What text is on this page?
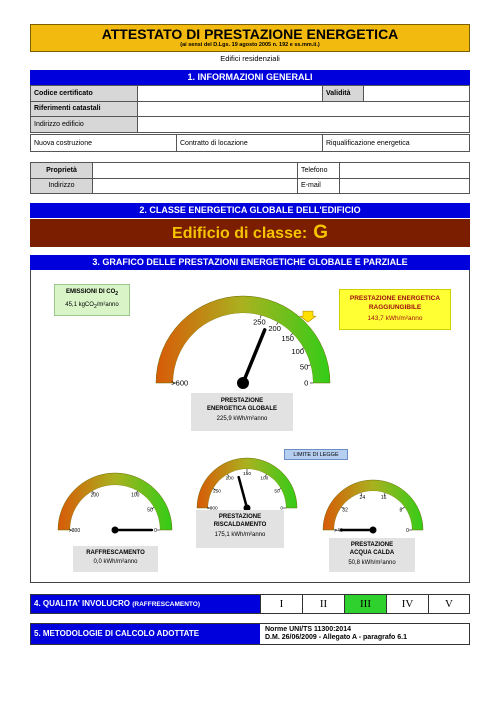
ATTESTATO DI PRESTAZIONE ENERGETICA
(ai sensi del D.Lgs. 19 agosto 2005 n. 192 e ss.mm.ii.)
Edifici residenziali
1. INFORMAZIONI GENERALI
Codice certificato		Validità	
Riferimenti catastali			
Indirizzo edificio			
Nuova costruzione	Contratto di locazione	Riqualificazione energetica
Proprietà		Telefono	
Indirizzo		E-mail	
2. CLASSE ENERGETICA GLOBALE DELL'EDIFICIO
Edificio di classe: G
3. GRAFICO DELLE PRESTAZIONI ENERGETICHE GLOBALE E PARZIALE
0
50
100
150
200
250
>600
50
100
150
200
250
0
50
100
200
>300	0
8
16
24
32
>40
EMISSIONI DI $CO_2$
45,1 kgCO$_2$/m²anno
PRESTAZIONE ENERGETICA
RAGGIUNGIBILE
143,7 kWh/m²anno
LIMITE DI LEGGE
PRESTAZIONE
ENERGETICA GLOBALE
225,9 kWh/m²anno
PRESTAZIONE
RISCALDAMENTO
175,1 kWh/m²anno
RAFFRESCAMENTO
0,0 kWh/m²anno
PRESTAZIONE
ACQUA CALDA
50,8 kWh/m²anno
4. QUALITA' INVOLUCRO (RAFFRESCAMENTO)	I	II	III	IV	V
5. METODOLOGIE DI CALCOLO ADOTTATE	Norme UNI/TS 11300:2014
D.M. 26/06/2009 - Allegato A - paragrafo 6.1
